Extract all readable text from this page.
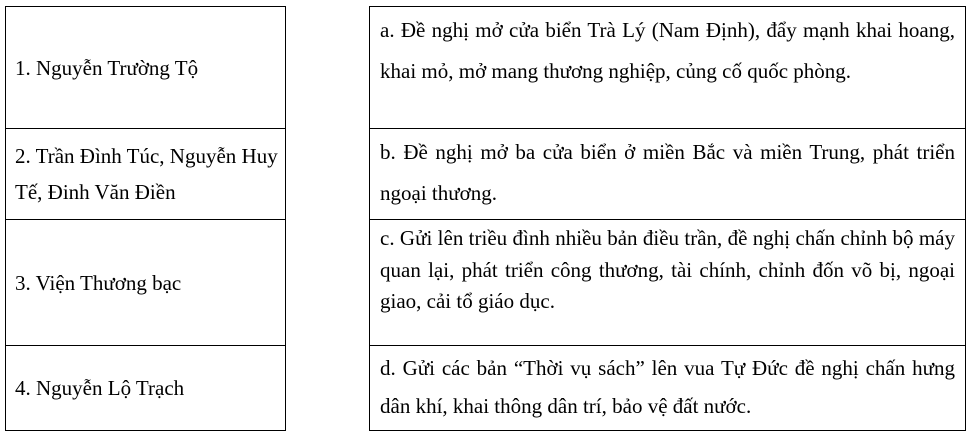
1. Nguyễn Trường Tộ
2. Trần Đình Túc, Nguyễn Huy Tế, Đinh Văn Điền
3. Viện Thương bạc
4. Nguyễn Lộ Trạch
a. Đề nghị mở cửa biển Trà Lý (Nam Định), đẩy mạnh khai hoang, khai mỏ, mở mang thương nghiệp, củng cố quốc phòng.
b. Đề nghị mở ba cửa biển ở miền Bắc và miền Trung, phát triển ngoại thương.
c. Gửi lên triều đình nhiều bản điều trần, đề nghị chấn chỉnh bộ máy quan lại, phát triển công thương, tài chính, chỉnh đốn võ bị, ngoại giao, cải tổ giáo dục.
d. Gửi các bản “Thời vụ sách” lên vua Tự Đức đề nghị chấn hưng dân khí, khai thông dân trí, bảo vệ đất nước.
